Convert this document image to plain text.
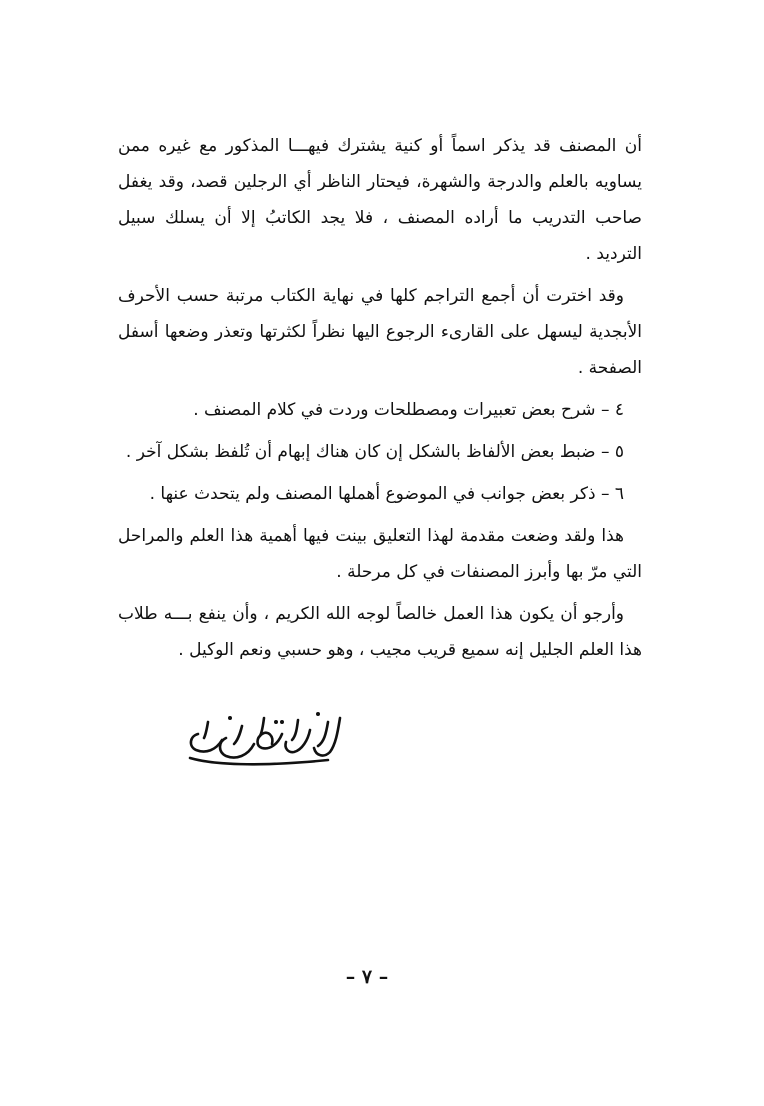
أن المصنف قد يذكر اسماً أو كنية يشترك فيهـــا المذكور مع غيره ممن يساويه بالعلم والدرجة والشهرة، فيحتار الناظر أي الرجلين قصد، وقد يغفل صاحب التدريب ما أراده المصنف ، فلا يجد الكاتبُ إلا أن يسلك سبيل التردید .

وقد اخترت أن أجمع التراجم كلها في نهاية الكتاب مرتبة حسب الأحرف الأبجدية ليسهل على القارىء الرجوع اليها نظراً لكثرتها وتعذر وضعها أسفل الصفحة .

٤ – شرح بعض تعبيرات ومصطلحات وردت في كلام المصنف .

٥ – ضبط بعض الألفاظ بالشكل إن كان هناك إبهام أن تُلفظ بشكل آخر .

٦ – ذكر بعض جوانب في الموضوع أهملها المصنف ولم يتحدث عنها .

هذا ولقد وضعت مقدمة لهذا التعليق بينت فيها أهمية هذا العلم والمراحل التي مرّ بها وأبرز المصنفات في كل مرحلة .

وأرجو أن يكون هذا العمل خالصاً لوجه الله الكريم ، وأن ينفع بـــه طلاب هذا العلم الجليل إنه سميع قريب مجيب ، وهو حسبي ونعم الوكيل .

– ٧ –
